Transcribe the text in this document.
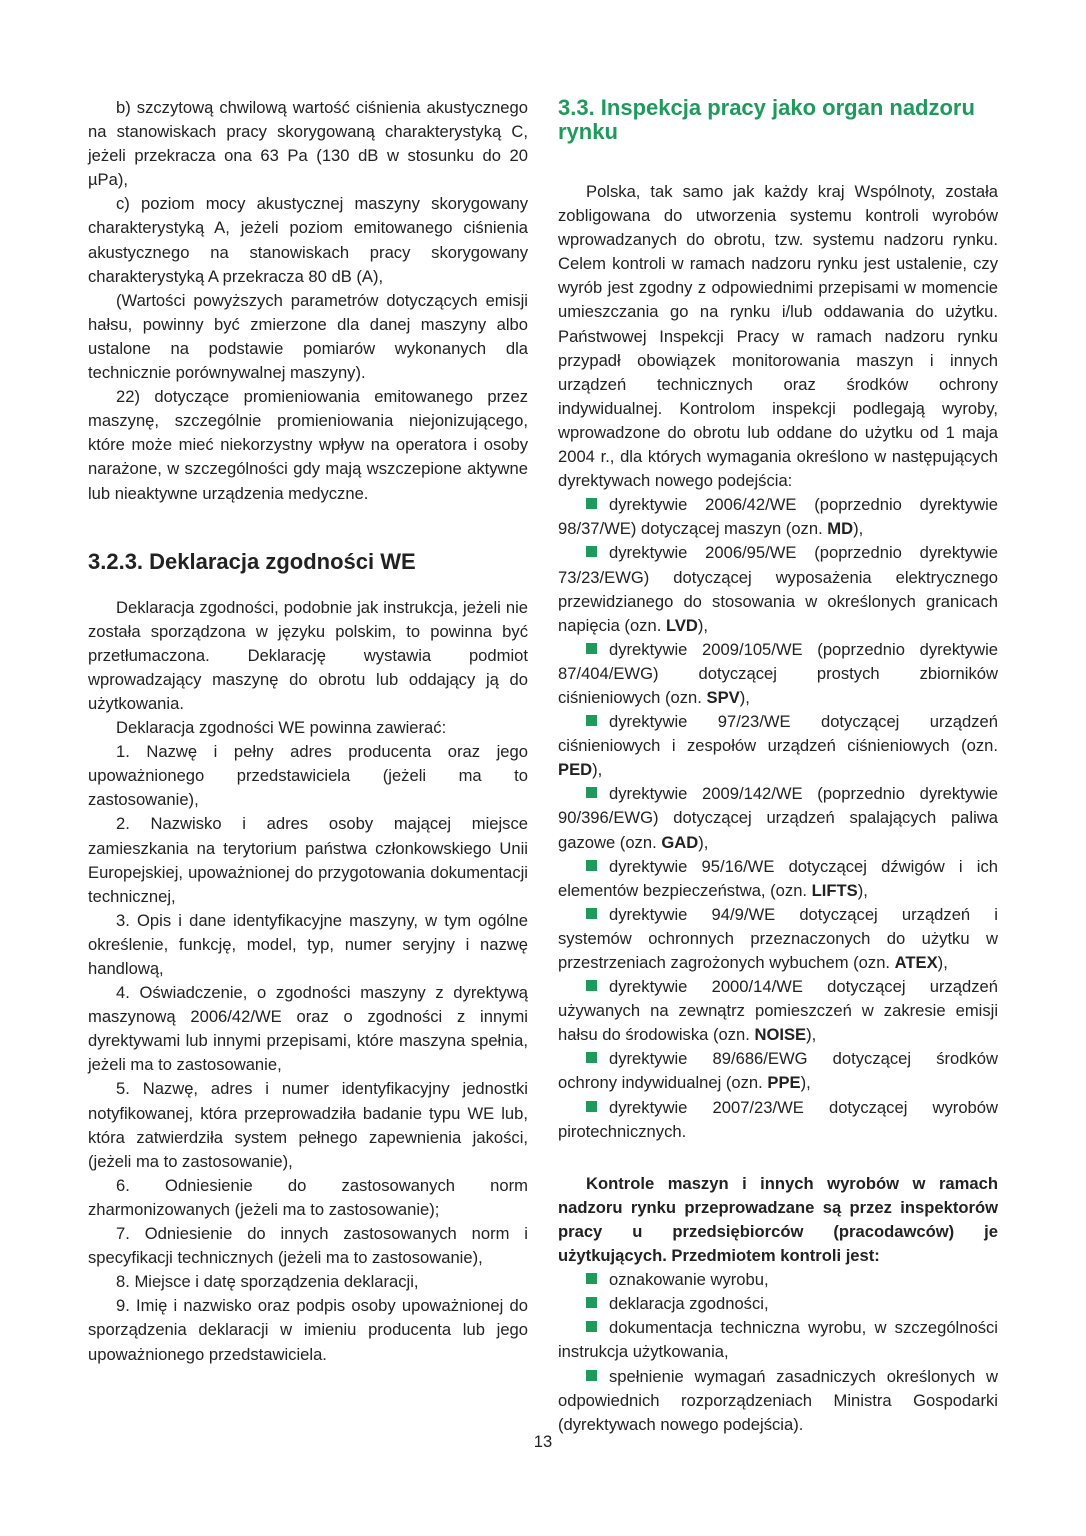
b) szczytową chwilową wartość ciśnienia akustycznego na stanowiskach pracy skorygowaną charakterystyką C, jeżeli przekracza ona 63 Pa (130 dB w stosunku do 20 µPa),

c) poziom mocy akustycznej maszyny skorygowany charakterystyką A, jeżeli poziom emitowanego ciśnienia akustycznego na stanowiskach pracy skorygowany charakterystyką A przekracza 80 dB (A),

(Wartości powyższych parametrów dotyczących emisji hałsu, powinny być zmierzone dla danej maszyny albo ustalone na podstawie pomiarów wykonanych dla technicznie porównywalnej maszyny).

22) dotyczące promieniowania emitowanego przez maszynę, szczególnie promieniowania niejonizującego, które może mieć niekorzystny wpływ na operatora i osoby narażone, w szczególności gdy mają wszczepione aktywne lub nieaktywne urządzenia medyczne.

3.2.3. Deklaracja zgodności WE

Deklaracja zgodności, podobnie jak instrukcja, jeżeli nie została sporządzona w języku polskim, to powinna być przetłumaczona. Deklarację wystawia podmiot wprowadzający maszynę do obrotu lub oddający ją do użytkowania.

Deklaracja zgodności WE powinna zawierać:

1. Nazwę i pełny adres producenta oraz jego upoważnionego przedstawiciela (jeżeli ma to zastosowanie),

2. Nazwisko i adres osoby mającej miejsce zamieszkania na terytorium państwa członkowskiego Unii Europejskiej, upoważnionej do przygotowania dokumentacji technicznej,

3. Opis i dane identyfikacyjne maszyny, w tym ogólne określenie, funkcję, model, typ, numer seryjny i nazwę handlową,

4. Oświadczenie, o zgodności maszyny z dyrektywą maszynową 2006/42/WE oraz o zgodności z innymi dyrektywami lub innymi przepisami, które maszyna spełnia, jeżeli ma to zastosowanie,

5. Nazwę, adres i numer identyfikacyjny jednostki notyfikowanej, która przeprowadziła badanie typu WE lub, która zatwierdziła system pełnego zapewnienia jakości,(jeżeli ma to zastosowanie),

6. Odniesienie do zastosowanych norm zharmonizowanych (jeżeli ma to zastosowanie);

7. Odniesienie do innych zastosowanych norm i specyfikacji technicznych (jeżeli ma to zastosowanie),

8. Miejsce i datę sporządzenia deklaracji,

9. Imię i nazwisko oraz podpis osoby upoważnionej do sporządzenia deklaracji w imieniu producenta lub jego upoważnionego przedstawiciela.

3.3. Inspekcja pracy jako organ nadzoru rynku

Polska, tak samo jak każdy kraj Wspólnoty, została zobligowana do utworzenia systemu kontroli wyrobów wprowadzanych do obrotu, tzw. systemu nadzoru rynku. Celem kontroli w ramach nadzoru rynku jest ustalenie, czy wyrób jest zgodny z odpowiednimi przepisami w momencie umieszczania go na rynku i/lub oddawania do użytku. Państwowej Inspekcji Pracy w ramach nadzoru rynku przypadł obowiązek monitorowania maszyn i innych urządzeń technicznych oraz środków ochrony indywidualnej. Kontrolom inspekcji podlegają wyroby, wprowadzone do obrotu lub oddane do użytku od 1 maja 2004 r., dla których wymagania określono w następujących dyrektywach nowego podejścia:

dyrektywie 2006/42/WE (poprzednio dyrektywie 98/37/WE) dotyczącej maszyn (ozn. MD),

dyrektywie 2006/95/WE (poprzednio dyrektywie 73/23/EWG) dotyczącej wyposażenia elektrycznego przewidzianego do stosowania w określonych granicach napięcia (ozn. LVD),

dyrektywie 2009/105/WE (poprzednio dyrektywie 87/404/EWG) dotyczącej prostych zbiorników ciśnieniowych (ozn. SPV),

dyrektywie 97/23/WE dotyczącej urządzeń ciśnieniowych i zespołów urządzeń ciśnieniowych (ozn. PED),

dyrektywie 2009/142/WE (poprzednio dyrektywie 90/396/EWG) dotyczącej urządzeń spalających paliwa gazowe (ozn. GAD),

dyrektywie 95/16/WE dotyczącej dźwigów i ich elementów bezpieczeństwa, (ozn. LIFTS),

dyrektywie 94/9/WE dotyczącej urządzeń i systemów ochronnych przeznaczonych do użytku w przestrzeniach zagrożonych wybuchem (ozn. ATEX),

dyrektywie 2000/14/WE dotyczącej urządzeń używanych na zewnątrz pomieszczeń w zakresie emisji hałsu do środowiska (ozn. NOISE),

dyrektywie 89/686/EWG dotyczącej środków ochrony indywidualnej (ozn. PPE),

dyrektywie 2007/23/WE dotyczącej wyrobów pirotechnicznych.

Kontrole maszyn i innych wyrobów w ramach nadzoru rynku przeprowadzane są przez inspektorów pracy u przedsiębiorców (pracodawców) je użytkujących. Przedmiotem kontroli jest:

oznakowanie wyrobu,

deklaracja zgodności,

dokumentacja techniczna wyrobu, w szczególności instrukcja użytkowania,

spełnienie wymagań zasadniczych określonych w odpowiednich rozporządzeniach Ministra Gospodarki (dyrektywach nowego podejścia).

13
